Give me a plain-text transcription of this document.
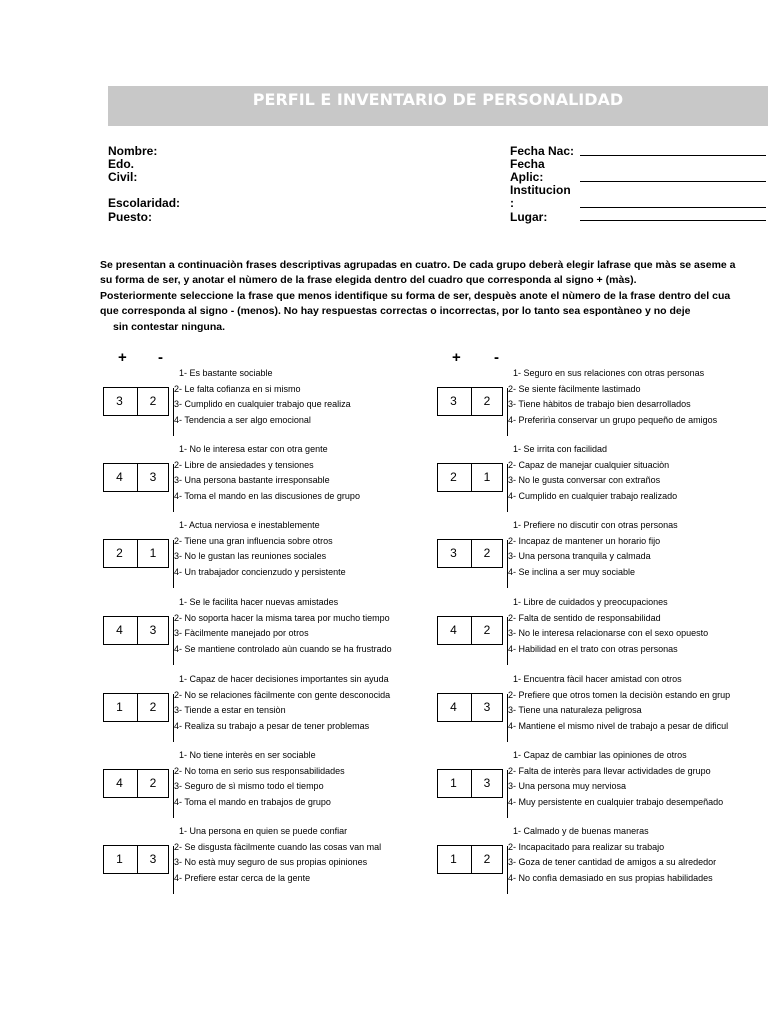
PERFIL E INVENTARIO DE PERSONALIDAD
Nombre:
Edo.
Civil:
Escolaridad:
Puesto:
Fecha Nac:
Fecha
Aplic:
Institucion
:
Lugar:
Se presentan a continuaciòn frases descriptivas agrupadas en cuatro. De cada grupo deberà elegir lafrase que màs se aseme a
su forma de ser, y anotar el nùmero de la frase elegida dentro del cuadro que corresponda al signo + (màs).
Posteriormente seleccione la frase que menos identifique su forma de ser, despuès anote el nùmero de la frase dentro del cua
que corresponda al signo - (menos). No hay respuestas correctas o incorrectas, por lo tanto sea espontàneo y no deje
sin contestar ninguna.
+ -	+ -
3	2
1- Es bastante sociable
2- Le falta cofianza en si mismo
3- Cumplido en cualquier trabajo que realiza
4- Tendencia a ser algo emocional
3	2
1- Seguro en sus relaciones con otras personas
2- Se siente fàcilmente lastimado
3- Tiene hàbitos de trabajo bien desarrollados
4- Preferirìa conservar un grupo pequeño de amigos
4	3
1- No le interesa estar con otra gente
2- Libre de ansiedades y tensiones
3- Una persona bastante irresponsable
4- Toma el mando en las discusiones de grupo
2	1
1- Se irrita con facilidad
2- Capaz de manejar cualquier situaciòn
3- No le gusta conversar con extraños
4- Cumplido en cualquier trabajo realizado
2	1
1- Actua nerviosa e inestablemente
2- Tiene una gran influencia sobre otros
3- No le gustan las reuniones sociales
4- Un trabajador concienzudo y persistente
3	2
1- Prefiere no discutir con otras personas
2- Incapaz de mantener un horario fijo
3- Una persona tranquila y calmada
4- Se inclina a ser muy sociable
4	3
1- Se le facilita hacer nuevas amistades
2- No soporta hacer la misma tarea por mucho tiempo
3- Fàcilmente manejado por otros
4- Se mantiene controlado aùn cuando se ha frustrado
4	2
1- Libre de cuidados y preocupaciones
2- Falta de sentido de responsabilidad
3- No le interesa relacionarse con el sexo opuesto
4- Habilidad en el trato con otras personas
1	2
1- Capaz de hacer decisiones importantes sin ayuda
2- No se relaciones fàcilmente con gente desconocida
3- Tiende a estar en tensiòn
4- Realiza su trabajo a pesar de tener problemas
4	3
1- Encuentra fàcil hacer amistad con otros
2- Prefiere que otros tomen la decisiòn estando en grup
3- Tiene una naturaleza peligrosa
4- Mantiene el mismo nivel de trabajo a pesar de dificul
4	2
1- No tiene interès en ser sociable
2- No toma en serio sus responsabilidades
3- Seguro de sì mismo todo el tiempo
4- Toma el mando en trabajos de grupo
1	3
1- Capaz de cambiar las opiniones de otros
2- Falta de interès para llevar actividades de grupo
3- Una persona muy nerviosa
4- Muy persistente en cualquier trabajo desempeñado
1	3
1- Una persona en quien se puede confiar
2- Se disgusta fàcilmente cuando las cosas van mal
3- No està muy seguro de sus propias opiniones
4- Prefiere estar cerca de la gente
1	2
1- Calmado y de buenas maneras
2- Incapacitado para realizar su trabajo
3- Goza de tener cantidad de amigos a su alrededor
4- No confìa demasiado en sus propias habilidades
